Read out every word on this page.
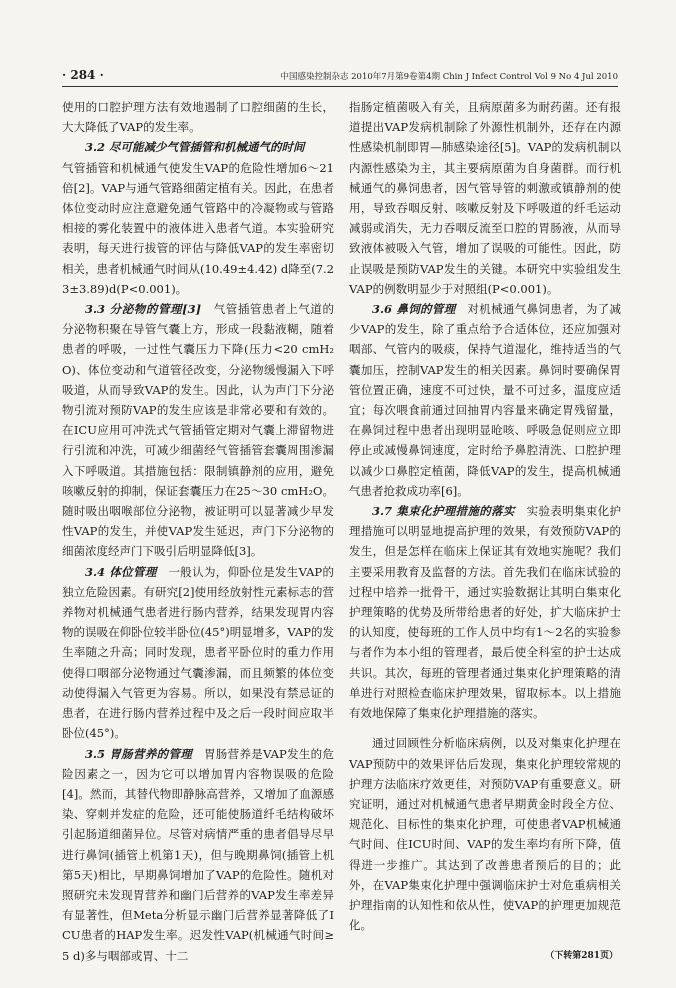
· 284 ·	中国感染控制杂志 2010年7月第9卷第4期 Chin J Infect Control Vol 9 No 4 Jul 2010

使用的口腔护理方法有效地遏制了口腔细菌的生长，大大降低了VAP的发生率。

3.2 尽可能减少气管插管和机械通气的时间

气管插管和机械通气使发生VAP的危险性增加6～21倍[2]。VAP与通气管路细菌定植有关。因此，在患者体位变动时应注意避免通气管路中的冷凝物或与管路相接的雾化装置中的液体进入患者气道。本实验研究表明，每天进行拔管的评估与降低VAP的发生率密切相关，患者机械通气时间从(10.49±4.42) d降至(7.23±3.89)d(P<0.001)。

3.3 分泌物的管理[3]　 气管插管患者上气道的分泌物积聚在导管气囊上方，形成一段黏液糊，随着患者的呼吸，一过性气囊压力下降(压力<20 cmH₂O)、体位变动和气道管径改变，分泌物缓慢漏入下呼吸道，从而导致VAP的发生。因此，认为声门下分泌物引流对预防VAP的发生应该是非常必要和有效的。在ICU应用可冲洗式气管插管定期对气囊上滞留物进行引流和冲洗，可减少细菌经气管插管套囊周围渗漏入下呼吸道。其措施包括：限制镇静剂的应用，避免咳嗽反射的抑制，保证套囊压力在25～30 cmH₂O。随时吸出咽喉部位分泌物，被证明可以显著减少早发性VAP的发生，并使VAP发生延迟，声门下分泌物的细菌浓度经声门下吸引后明显降低[3]。

3.4 体位管理　 一般认为，仰卧位是发生VAP的独立危险因素。有研究[2]使用经放射性元素标志的营养物对机械通气患者进行肠内营养，结果发现胃内容物的误吸在仰卧位较半卧位(45°)明显增多，VAP的发生率随之升高；同时发现，患者平卧位时的重力作用使得口咽部分泌物通过气囊渗漏，而且频繁的体位变动使得漏入气管更为容易。所以，如果没有禁忌证的患者，在进行肠内营养过程中及之后一段时间应取半卧位(45°)。

3.5 胃肠营养的管理　 胃肠营养是VAP发生的危险因素之一，因为它可以增加胃内容物误吸的危险[4]。然而，其替代物即静脉高营养，又增加了血源感染、穿刺并发症的危险，还可能使肠道纤毛结构破坏引起肠道细菌异位。尽管对病情严重的患者倡导尽早进行鼻饲(插管上机第1天)，但与晚期鼻饲(插管上机第5天)相比，早期鼻饲增加了VAP的危险性。随机对照研究未发现胃营养和幽门后营养的VAP发生率差异有显著性，但Meta分析显示幽门后营养显著降低了ICU患者的HAP发生率。迟发性VAP(机械通气时间≥5 d)多与咽部或胃、十二

指肠定植菌吸入有关，且病原菌多为耐药菌。还有报道提出VAP发病机制除了外源性机制外，还存在内源性感染机制即胃—肺感染途径[5]。VAP的发病机制以内源性感染为主，其主要病原菌为自身菌群。而行机械通气的鼻饲患者，因气管导管的刺激或镇静剂的使用，导致吞咽反射、咳嗽反射及下呼吸道的纤毛运动减弱或消失，无力吞咽反流至口腔的胃肠液，从而导致液体被吸入气管，增加了误吸的可能性。因此，防止误吸是预防VAP发生的关键。本研究中实验组发生VAP的例数明显少于对照组(P<0.001)。

3.6 鼻饲的管理　 对机械通气鼻饲患者，为了减少VAP的发生，除了重点给予合适体位，还应加强对咽部、气管内的吸痰，保持气道湿化，维持适当的气囊加压，控制VAP发生的相关因素。鼻饲时要确保胃管位置正确，速度不可过快，量不可过多，温度应适宜；每次喂食前通过回抽胃内容量来确定胃残留量，在鼻饲过程中患者出现明显呛咳、呼吸急促则应立即停止或减慢鼻饲速度，定时给予鼻腔清洗、口腔护理以减少口鼻腔定植菌，降低VAP的发生，提高机械通气患者抢救成功率[6]。

3.7 集束化护理措施的落实　 实验表明集束化护理措施可以明显地提高护理的效果，有效预防VAP的发生，但是怎样在临床上保证其有效地实施呢？我们主要采用教育及监督的方法。首先我们在临床试验的过程中培养一批骨干，通过实验数据让其明白集束化护理策略的优势及所带给患者的好处，扩大临床护士的认知度，使每班的工作人员中均有1～2名的实验参与者作为本小组的管理者，最后使全科室的护士达成共识。其次，每班的管理者通过集束化护理策略的清单进行对照检查临床护理效果，留取标本。以上措施有效地保障了集束化护理措施的落实。

通过回顾性分析临床病例，以及对集束化护理在VAP预防中的效果评估后发现，集束化护理较常规的护理方法临床疗效更佳，对预防VAP有重要意义。研究证明，通过对机械通气患者早期黄金时段全方位、规范化、目标性的集束化护理，可使患者VAP机械通气时间、住ICU时间、VAP的发生率均有所下降，值得进一步推广。其达到了改善患者预后的目的；此外，在VAP集束化护理中强调临床护士对危重病相关护理指南的认知性和依从性，使VAP的护理更加规范化。

（下转第281页）
